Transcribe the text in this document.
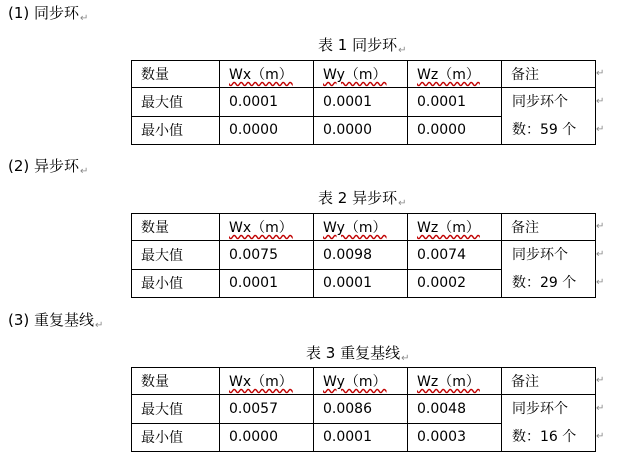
(1) 同步环$_↵$
表 1 同步环$_↵$
数量	Wx（m）	Wy（m）	Wz（m）	备注
最大值	0.0001	0.0001	0.0001	同步环个
数：59 个

最小值	0.0000	0.0000	0.0000	
(2) 异步环$_↵$
表 2 异步环$_↵$
数量	Wx（m）	Wy（m）	Wz（m）	备注
最大值	0.0075	0.0098	0.0074	同步环个
数：29 个

最小值	0.0001	0.0001	0.0002	
(3) 重复基线$_↵$
表 3 重复基线$_↵$
数量	Wx（m）	Wy（m）	Wz（m）	备注
最大值	0.0057	0.0086	0.0048	同步环个
数：16 个

最小值	0.0000	0.0001	0.0003	
↵
↵
↵
↵
↵
↵
↵
↵
↵
